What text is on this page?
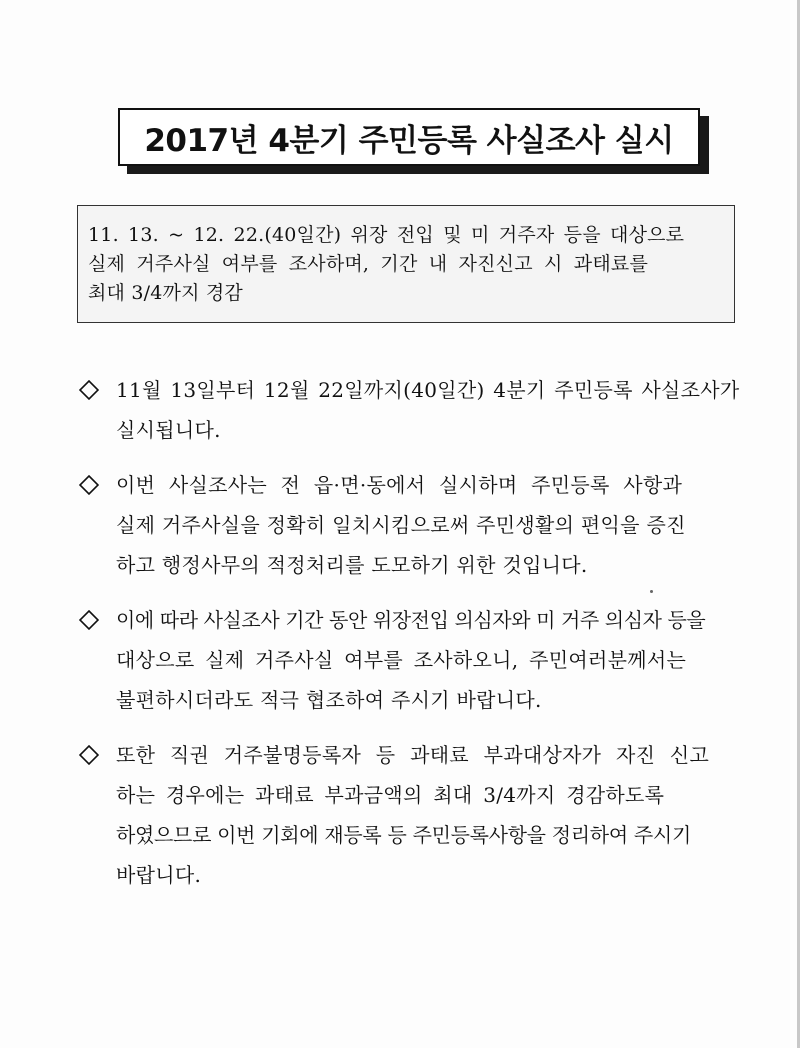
2017년 4분기 주민등록 사실조사 실시
11. 13. ~ 12. 22.(40일간) 위장 전입 및 미 거주자 등을 대상으로
실제 거주사실 여부를 조사하며, 기간 내 자진신고 시 과태료를
최대 3/4까지 경감
11월 13일부터 12월 22일까지(40일간) 4분기 주민등록 사실조사가
실시됩니다.
이번 사실조사는 전 읍·면·동에서 실시하며 주민등록 사항과
실제 거주사실을 정확히 일치시킴으로써 주민생활의 편익을 증진
하고 행정사무의 적정처리를 도모하기 위한 것입니다.
이에 따라 사실조사 기간 동안 위장전입 의심자와 미 거주 의심자 등을
대상으로 실제 거주사실 여부를 조사하오니, 주민여러분께서는
불편하시더라도 적극 협조하여 주시기 바랍니다.
또한 직권 거주불명등록자 등 과태료 부과대상자가 자진 신고
하는 경우에는 과태료 부과금액의 최대 3/4까지 경감하도록
하였으므로 이번 기회에 재등록 등 주민등록사항을 정리하여 주시기
바랍니다.
